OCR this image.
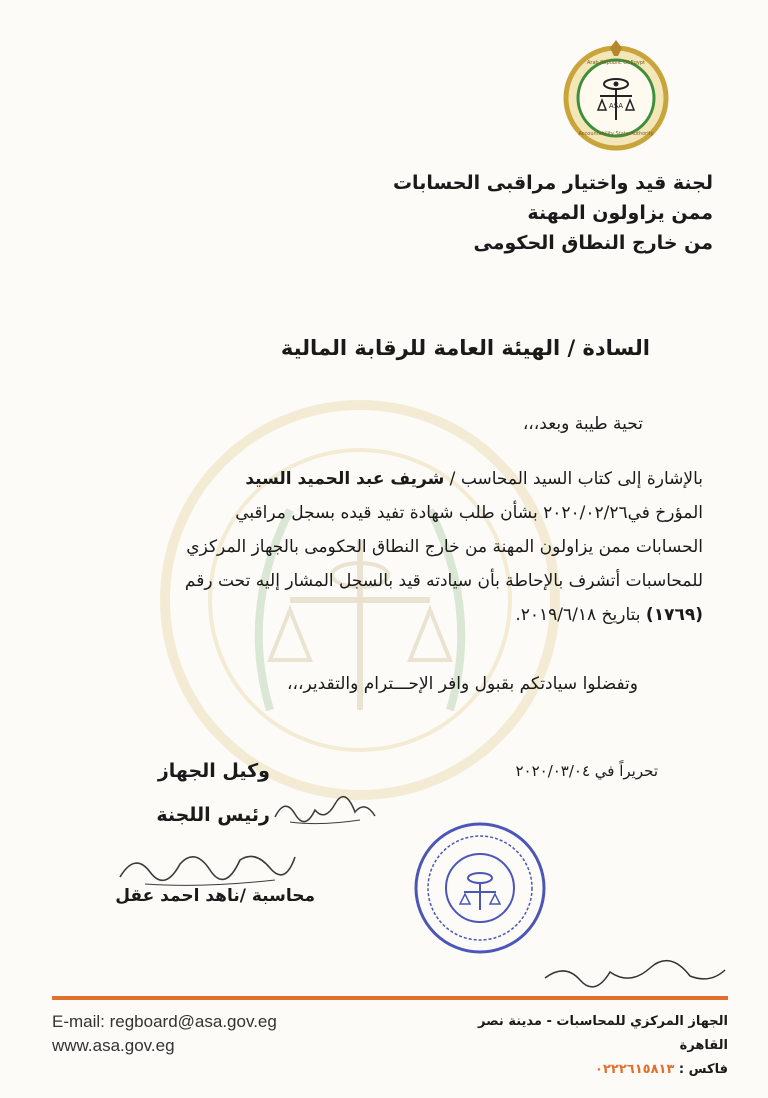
ASA
Arab Republic Of Egypt
Accountability State Authority
لجنة قيد واختيار مراقبى الحسابات
ممن يزاولون المهنة
من خارج النطاق الحكومى
السادة / الهيئة العامة للرقابة المالية
تحية طيبة وبعد،،،

بالإشارة إلى كتاب السيد المحاسب / شريف عبد الحميد السيد

المؤرخ في٢٠٢٠/٠٢/٢٦ بشأن طلب شهادة تفيد قيده بسجل مراقبي

الحسابات ممن يزاولون المهنة من خارج النطاق الحكومى بالجهاز المركزي

للمحاسبات أتشرف بالإحاطة بأن سيادته قيد بالسجل المشار إليه تحت رقم

(١٧٦٩) بتاريخ ٢٠١٩/٦/١٨.

وتفضلوا سيادتكم بقبول وافر الإحـــترام والتقدير،،،
تحريراً في ٢٠٢٠/٠٣/٠٤
وكيل الجهاز
رئيس اللجنة
محاسبة /ناهد احمد عقل
E-mail: regboard@asa.gov.eg
www.asa.gov.eg
الجهاز المركزي للمحاسبات - مدينة نصر القاهرة
فاكس : ٠٢٢٢٦١٥٨١٣
